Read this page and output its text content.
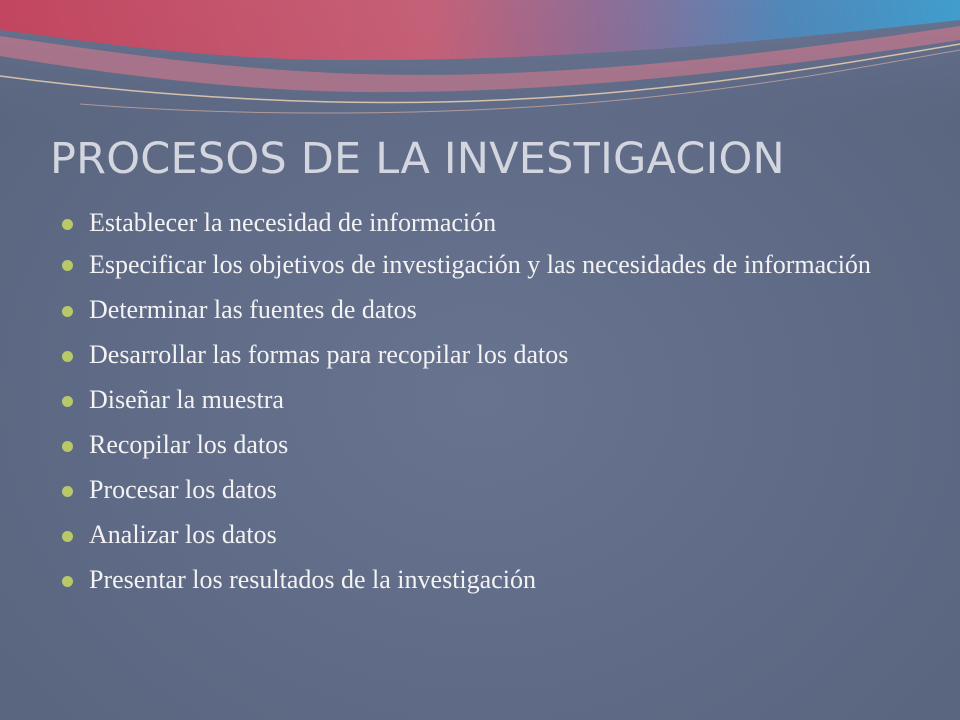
PROCESOS DE LA INVESTIGACION
Establecer la necesidad de información
Especificar los objetivos de investigación y las necesidades de información
Determinar las fuentes de datos
Desarrollar las formas para recopilar los datos
Diseñar la muestra
Recopilar los datos
Procesar los datos
Analizar los datos
Presentar los resultados de la investigación
